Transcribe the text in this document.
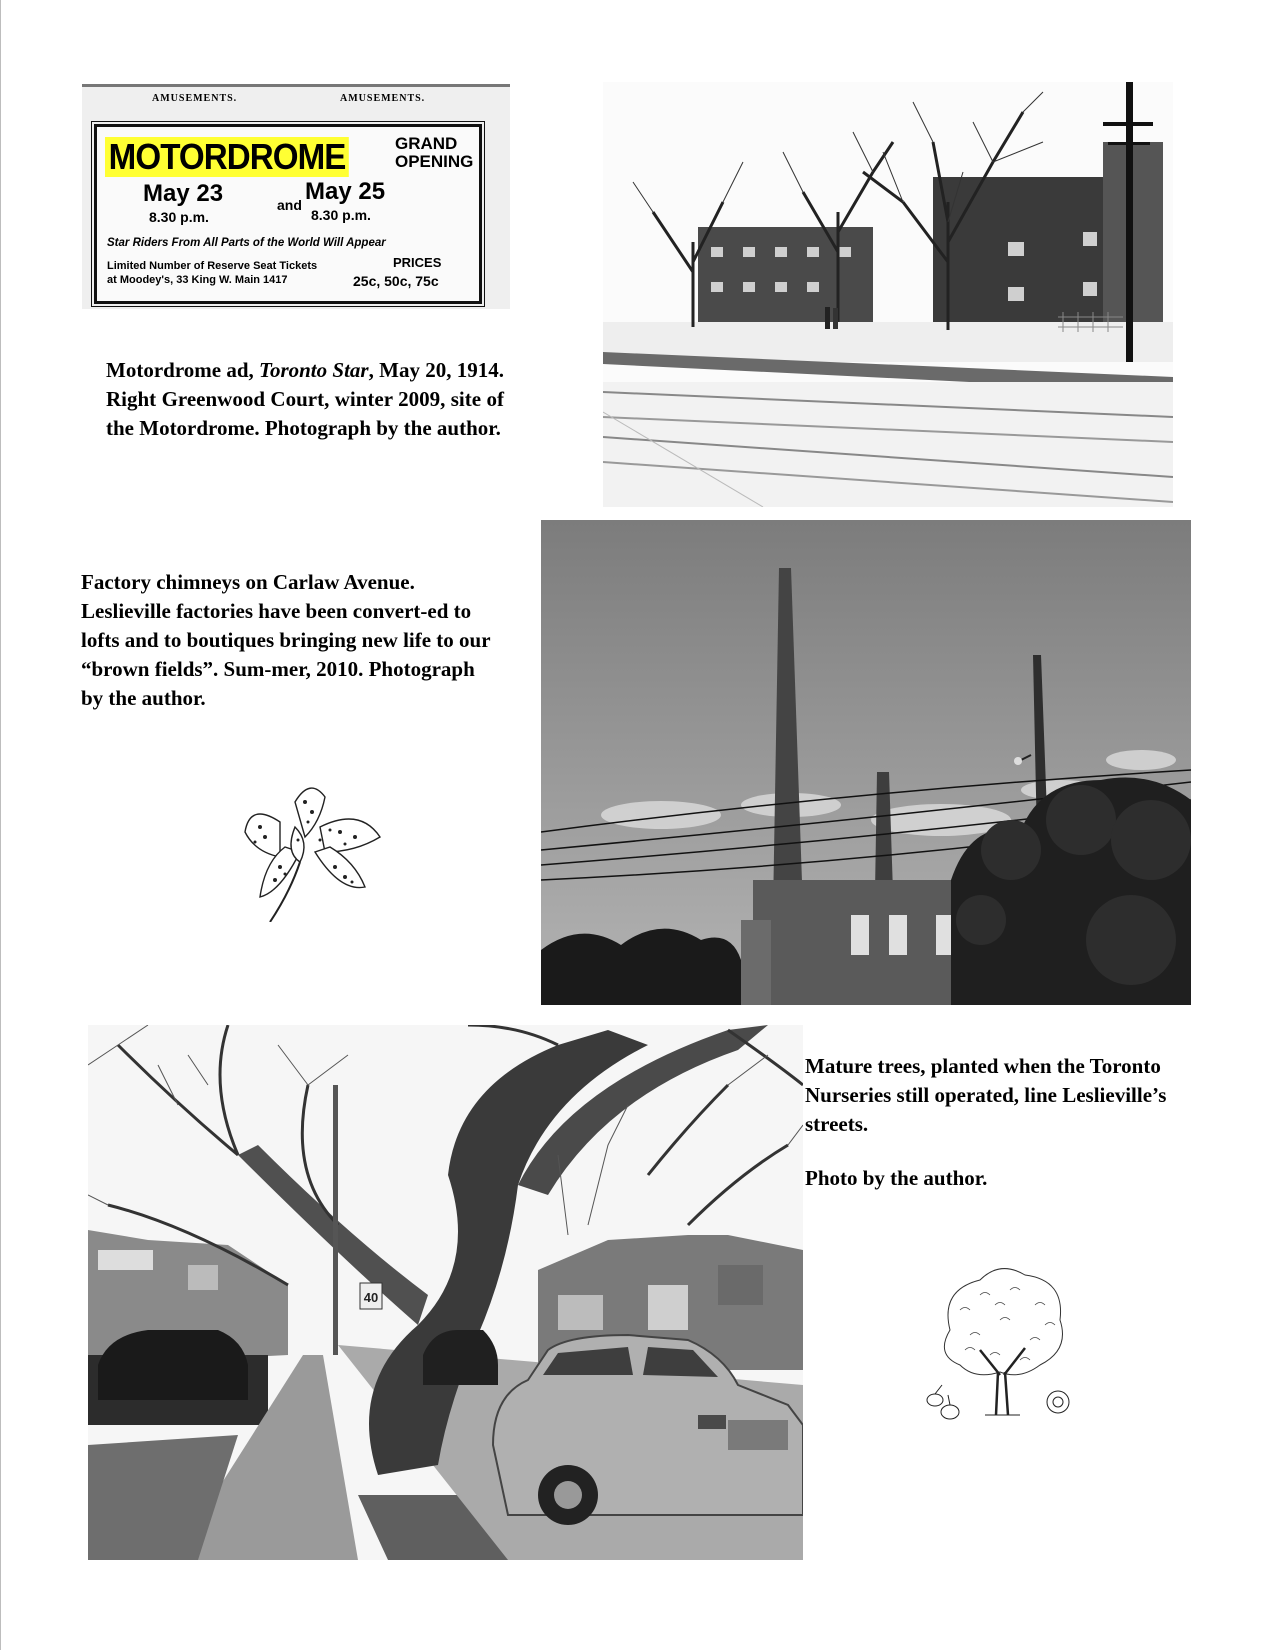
AMUSEMENTS.	AMUSEMENTS.
MOTORDROME	GRAND OPENING
May 23
8.30 p.m.
and May 25
8.30 p.m.
Star Riders From All Parts of the World Will Appear
Limited Number of Reserve Seat Tickets
at Moodey's, 33 King W. Main 1417
PRICES
25c, 50c, 75c
Motordrome ad, Toronto Star, May 20, 1914. Right Greenwood Court, winter 2009, site of the Motordrome. Photograph by the author.
Factory chimneys on Carlaw Avenue. Leslieville factories have been convert-ed to lofts and to boutiques bringing new life to our “brown fields”. Sum-mer, 2010. Photograph by the author.
40
Mature trees, planted when the Toronto Nurseries still operated, line Leslieville’s streets.
Photo by the author.
